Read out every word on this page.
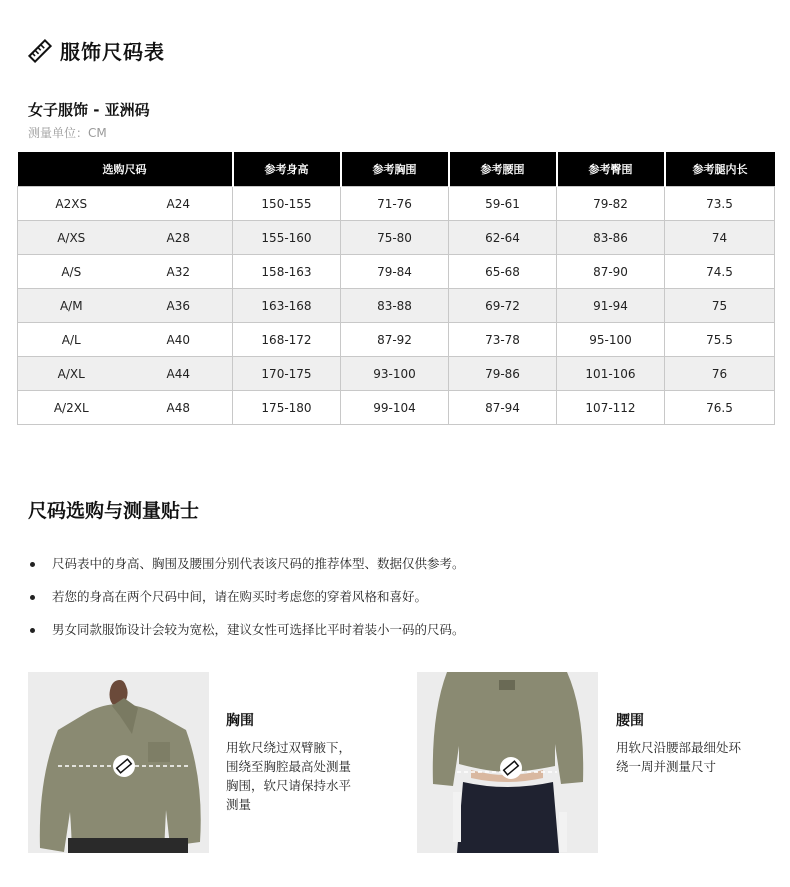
服饰尺码表
女子服饰 - 亚洲码
测量单位：CM
选购尺码		参考身高	参考胸围	参考腰围	参考臀围	参考腿内长
A2XS	A24	150-155	71-76	59-61	79-82	73.5
A/XS	A28	155-160	75-80	62-64	83-86	74
A/S	A32	158-163	79-84	65-68	87-90	74.5
A/M	A36	163-168	83-88	69-72	91-94	75
A/L	A40	168-172	87-92	73-78	95-100	75.5
A/XL	A44	170-175	93-100	79-86	101-106	76
A/2XL	A48	175-180	99-104	87-94	107-112	76.5
尺码选购与测量贴士
尺码表中的身高、胸围及腰围分别代表该尺码的推荐体型、数据仅供参考。
若您的身高在两个尺码中间，请在购买时考虑您的穿着风格和喜好。
男女同款服饰设计会较为宽松，建议女性可选择比平时着装小一码的尺码。
胸围
用软尺绕过双臂腋下，
围绕至胸腔最高处测量
胸围，软尺请保持水平
测量
腰围
用软尺沿腰部最细处环
绕一周并测量尺寸
